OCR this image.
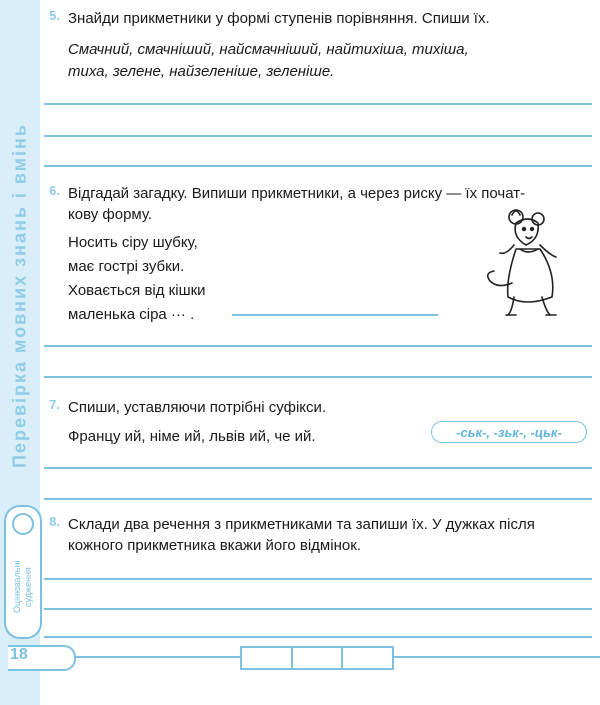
Перевірка мовних знань і вмінь
Оцінювальні судження
5. Знайди прикметники у формі ступенів порівняння. Спиши їх.
Смачний, смачніший, найсмачніший, найтихіша, тихіша,
тиха, зелене, найзеленіше, зеленіше.
6. Відгадай загадку. Випиши прикметники, а через риску — їх почат-
кову форму.
Носить сіру шубку,
має гострі зубки.
Ховається від кішки
маленька сіра ··· .
7. Спиши, уставляючи потрібні суфікси.
Францу ий, німе ий, львів ий, че ий.	-ськ-, -зьк-, -цьк-
8. Склади два речення з прикметниками та запиши їх. У дужках після
кожного прикметника вкажи його відмінок.
18
